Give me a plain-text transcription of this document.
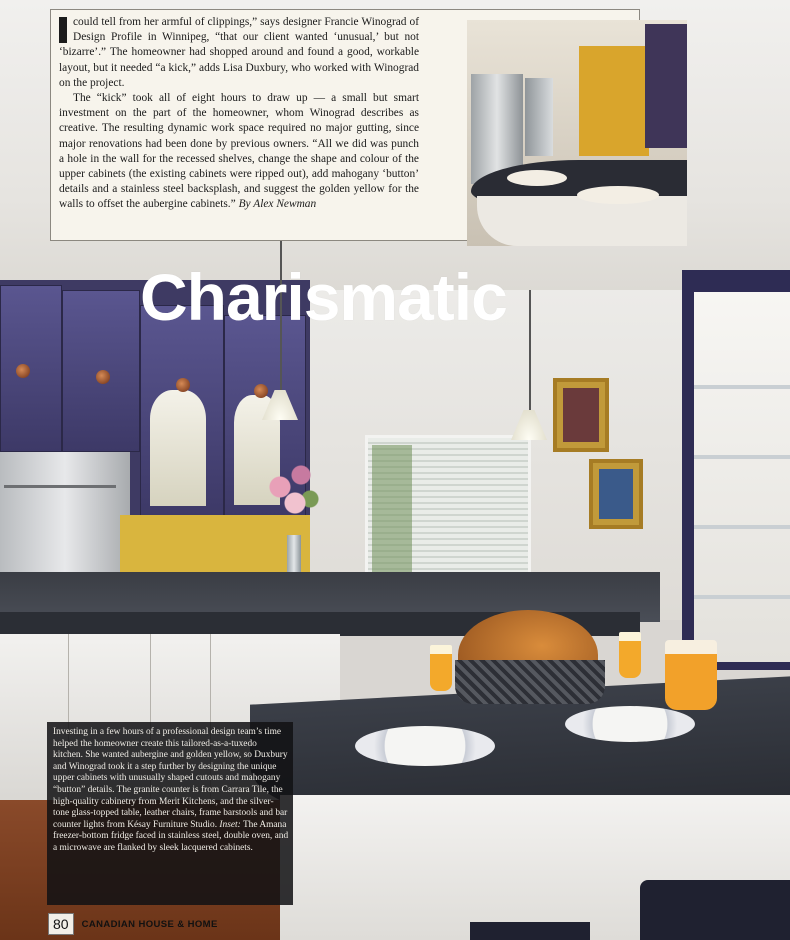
could tell from her armful of clippings,” says designer Francie Winograd of Design Profile in Winnipeg, “that our client wanted ‘unusual,’ but not ‘bizarre’.” The homeowner had shopped around and found a good, workable layout, but it needed “a kick,” adds Lisa Duxbury, who worked with Winograd on the project.

The “kick” took all of eight hours to draw up — a small but smart investment on the part of the homeowner, whom Winograd describes as creative. The resulting dynamic work space required no major gutting, since major renovations had been done by previous owners. “All we did was punch a hole in the wall for the recessed shelves, change the shape and colour of the upper cabinets (the existing cabinets were ripped out), add mahogany ‘button’ details and a stainless steel backsplash, and suggest the golden yellow for the walls to offset the aubergine cabinets.” By Alex Newman

Charismatic
Investing in a few hours of a professional design team’s time helped the homeowner create this tailored-as-a-tuxedo kitchen. She wanted aubergine and golden yellow, so Duxbury and Winograd took it a step further by designing the unique upper cabinets with unusually shaped cutouts and mahogany “button” details. The granite counter is from Carrara Tile, the high-quality cabinetry from Merit Kitchens, and the silver-tone glass-topped table, leather chairs, frame barstools and bar counter lights from Késay Furniture Studio. Inset: The Amana freezer-bottom fridge faced in stainless steel, double oven, and a microwave are flanked by sleek lacquered cabinets.
80	CANADIAN HOUSE & HOME
